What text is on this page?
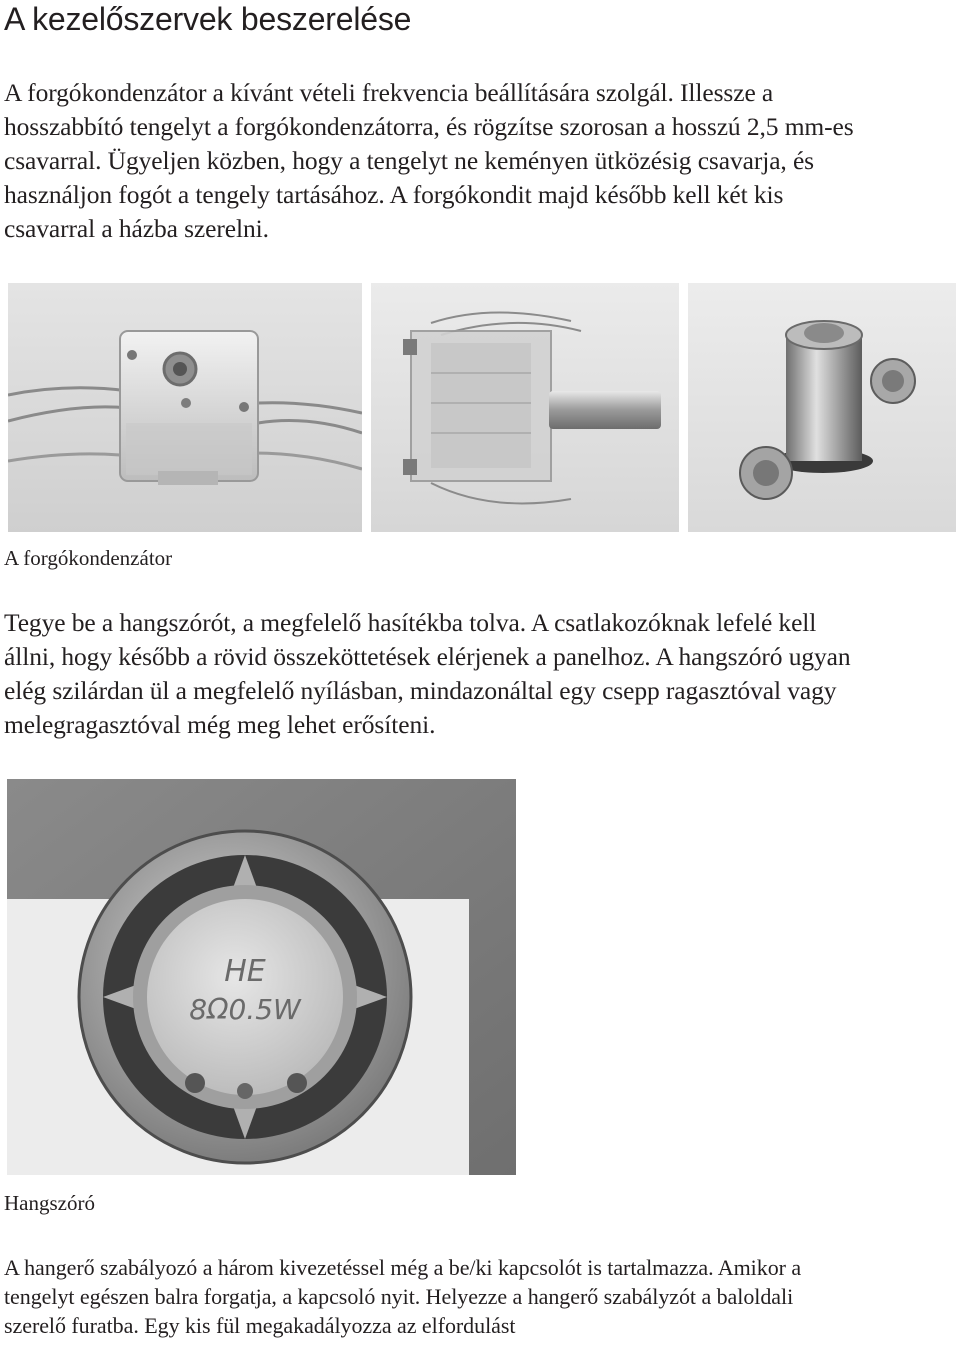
A kezelőszervek beszerelése

A forgókondenzátor a kívánt vételi frekvencia beállítására szolgál. Illessze a
hosszabbító tengelyt a forgókondenzátorra, és rögzítse szorosan a hosszú 2,5 mm-es
csavarral. Ügyeljen közben, hogy a tengelyt ne keményen ütközésig csavarja, és
használjon fogót a tengely tartásához. A forgókondit majd később kell két kis
csavarral a házba szerelni.

A forgókondenzátor

Tegye be a hangszórót, a megfelelő hasítékba tolva. A csatlakozóknak lefelé kell
állni, hogy később a rövid összeköttetések elérjenek a panelhoz. A hangszóró ugyan
elég szilárdan ül a megfelelő nyílásban, mindazonáltal egy csepp ragasztóval vagy
melegragasztóval még meg lehet erősíteni.

HE
8Ω0.5W

Hangszóró

A hangerő szabályozó a három kivezetéssel még a be/ki kapcsolót is tartalmazza. Amikor a
tengelyt egészen balra forgatja, a kapcsoló nyit. Helyezze a hangerő szabályzót a baloldali
szerelő furatba. Egy kis fül megakadályozza az elfordulást
